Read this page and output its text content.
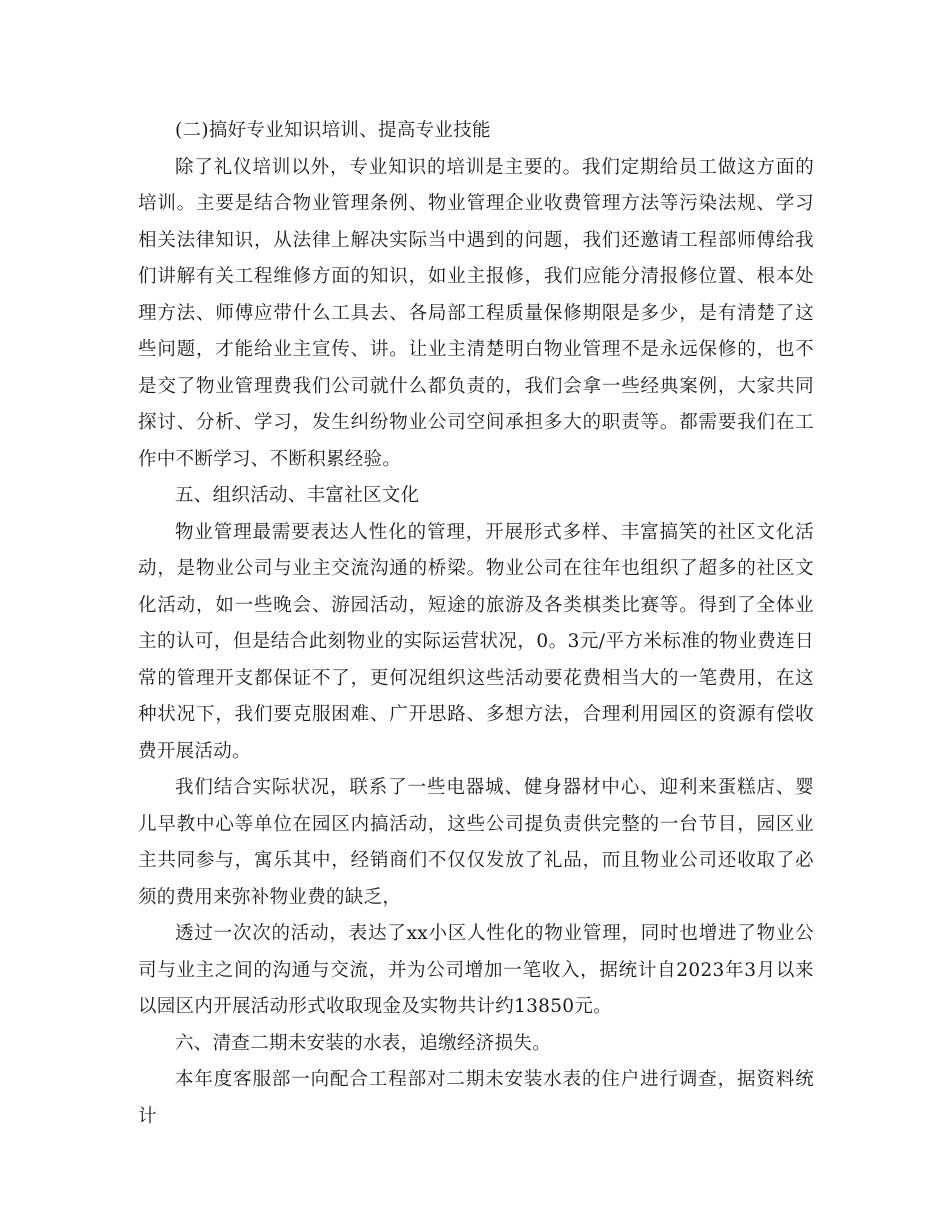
(二)搞好专业知识培训、提高专业技能

除了礼仪培训以外，专业知识的培训是主要的。我们定期给员工做这方面的培训。主要是结合物业管理条例、物业管理企业收费管理方法等污染法规、学习相关法律知识，从法律上解决实际当中遇到的问题，我们还邀请工程部师傅给我们讲解有关工程维修方面的知识，如业主报修，我们应能分清报修位置、根本处理方法、师傅应带什么工具去、各局部工程质量保修期限是多少，是有清楚了这些问题，才能给业主宣传、讲。让业主清楚明白物业管理不是永远保修的，也不是交了物业管理费我们公司就什么都负责的，我们会拿一些经典案例，大家共同探讨、分析、学习，发生纠纷物业公司空间承担多大的职责等。都需要我们在工作中不断学习、不断积累经验。

五、组织活动、丰富社区文化

物业管理最需要表达人性化的管理，开展形式多样、丰富搞笑的社区文化活动，是物业公司与业主交流沟通的桥梁。物业公司在往年也组织了超多的社区文化活动，如一些晚会、游园活动，短途的旅游及各类棋类比赛等。得到了全体业主的认可，但是结合此刻物业的实际运营状况，0。3元/平方米标准的物业费连日常的管理开支都保证不了，更何况组织这些活动要花费相当大的一笔费用，在这种状况下，我们要克服困难、广开思路、多想方法，合理利用园区的资源有偿收费开展活动。

我们结合实际状况，联系了一些电器城、健身器材中心、迎利来蛋糕店、婴儿早教中心等单位在园区内搞活动，这些公司提负责供完整的一台节目，园区业主共同参与，寓乐其中，经销商们不仅仅发放了礼品，而且物业公司还收取了必须的费用来弥补物业费的缺乏，

透过一次次的活动，表达了xx小区人性化的物业管理，同时也增进了物业公司与业主之间的沟通与交流，并为公司增加一笔收入，据统计自2023年3月以来以园区内开展活动形式收取现金及实物共计约13850元。

六、清查二期未安装的水表，追缴经济损失。

本年度客服部一向配合工程部对二期未安装水表的住户进行调查，据资料统计
